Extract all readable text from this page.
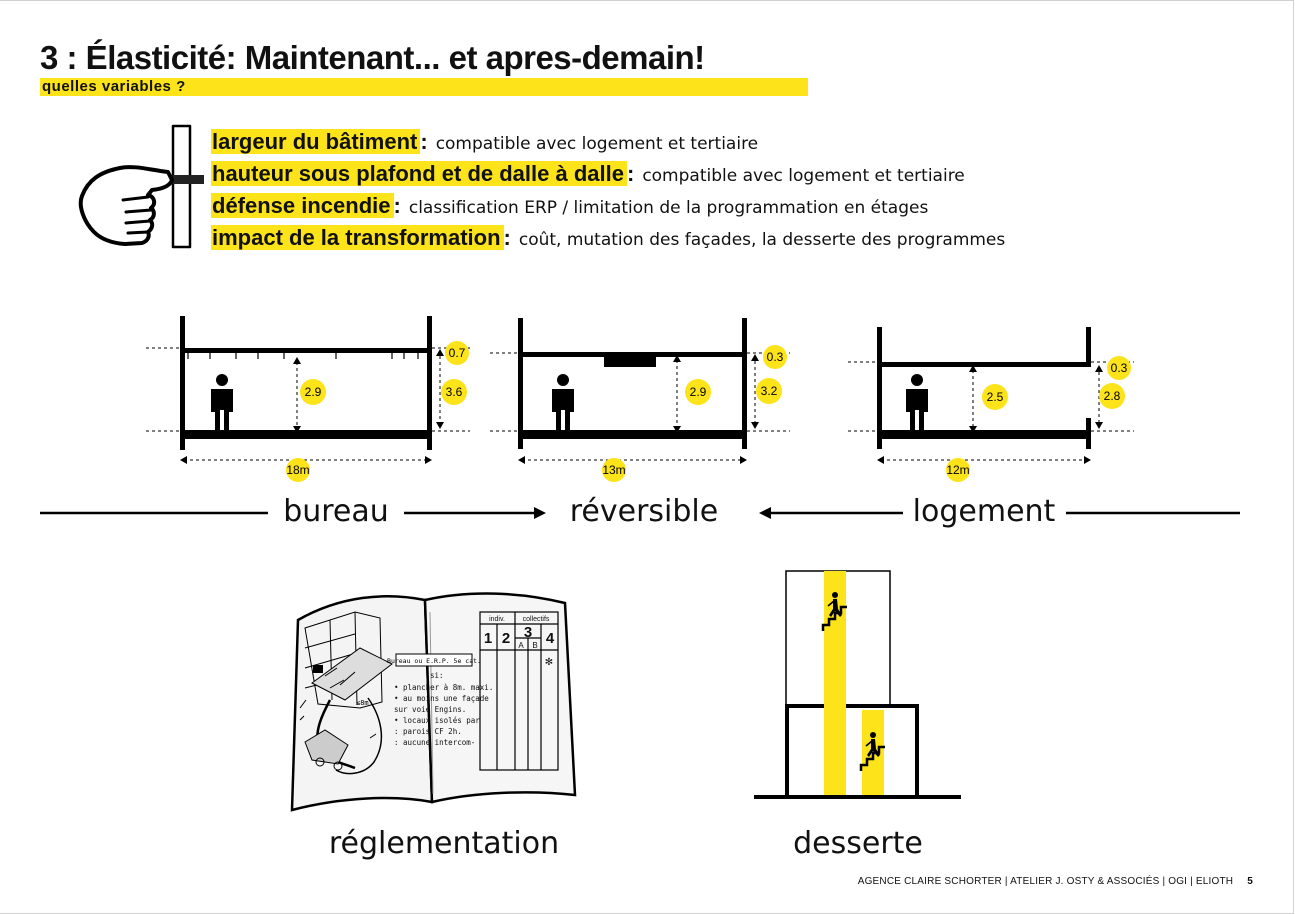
3 : Élasticité: Maintenant... et apres-demain!
quelles variables ?
largeur du bâtiment : compatible avec logement et tertiaire
hauteur sous plafond et de dalle à dalle : compatible avec logement et tertiaire
défense incendie : classification ERP / limitation de la programmation en étages
impact de la transformation : coût, mutation des façades, la desserte des programmes
2.9
0.7
3.6
18m
2.9
0.3
3.2
13m
2.5
0.3
2.8
12m
bureau	réversible	logement
Bureau ou E.R.P. 5e cat.
≤8m
si:
• plancher à 8m. maxi.
• au moins une façade
sur voie Engins.
• locaux isolés par
: parois CF 2h.
: aucune intercom-
indiv.	collectifs
1 2 3 4
A B
✻
réglementation	desserte
AGENCE CLAIRE SCHORTER | ATELIER J. OSTY & ASSOCIÉS | OGI | ELIOTH 5
